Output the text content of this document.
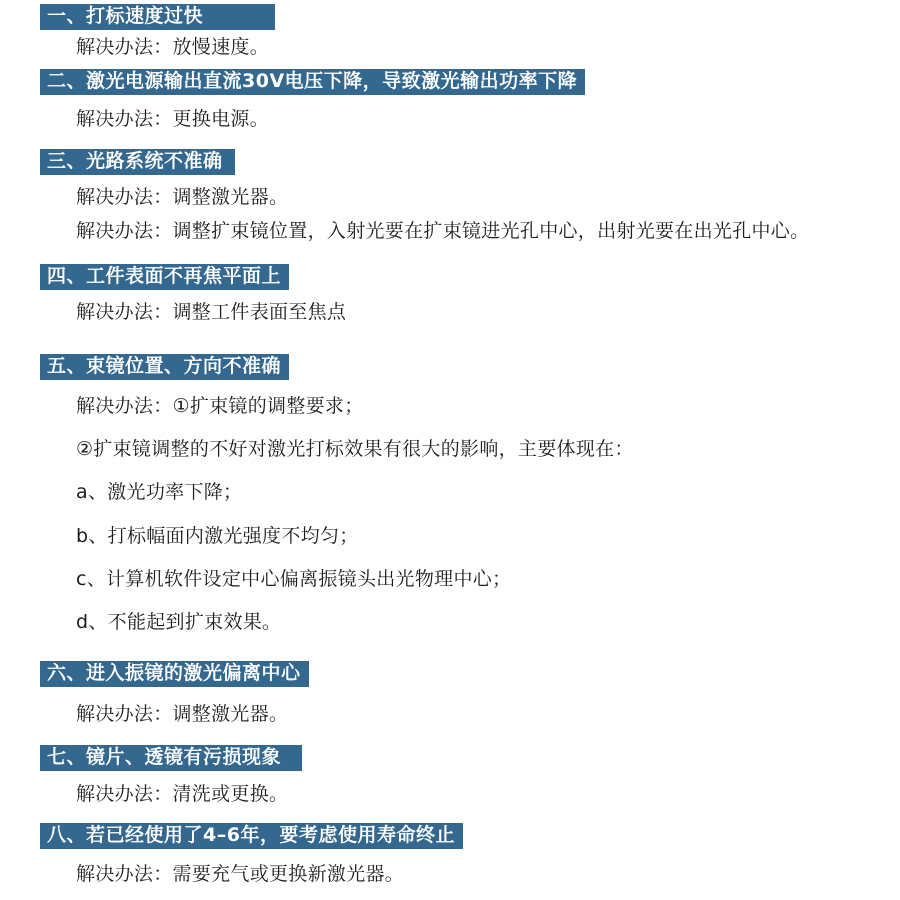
一、打标速度过快

解决办法：放慢速度。

二、激光电源输出直流30V电压下降，导致激光输出功率下降

解决办法：更换电源。

三、光路系统不准确

解决办法：调整激光器。

解决办法：调整扩束镜位置，入射光要在扩束镜进光孔中心，出射光要在出光孔中心。

四、工件表面不再焦平面上

解决办法：调整工件表面至焦点

五、束镜位置、方向不准确

解决办法：①扩束镜的调整要求；

②扩束镜调整的不好对激光打标效果有很大的影响，主要体现在：

a、激光功率下降；

b、打标幅面内激光强度不均匀；

c、计算机软件设定中心偏离振镜头出光物理中心；

d、不能起到扩束效果。

六、进入振镜的激光偏离中心

解决办法：调整激光器。

七、镜片、透镜有污损现象

解决办法：清洗或更换。

八、若已经使用了4–6年，要考虑使用寿命终止

解决办法：需要充气或更换新激光器。
